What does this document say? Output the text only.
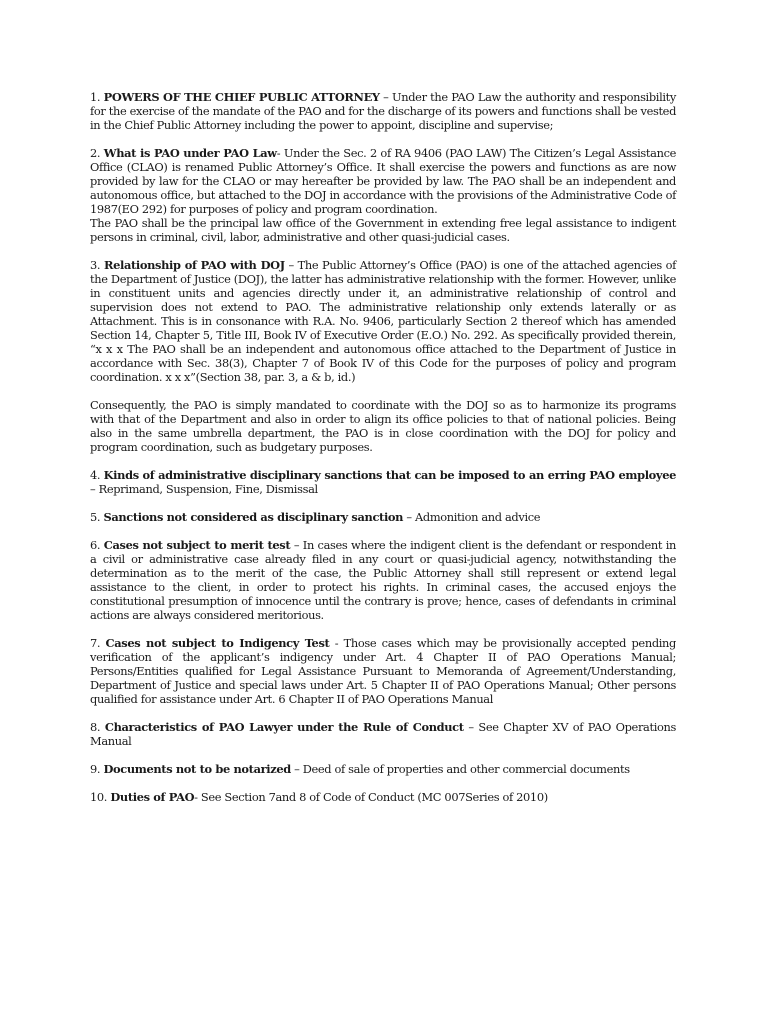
1. POWERS OF THE CHIEF PUBLIC ATTORNEY – Under the PAO Law the authority and responsibility for the exercise of the mandate of the PAO and for the discharge of its powers and functions shall be vested in the Chief Public Attorney including the power to appoint, discipline and supervise;

2. What is PAO under PAO Law- Under the Sec. 2 of RA 9406 (PAO LAW) The Citizen’s Legal Assistance Office (CLAO) is renamed Public Attorney’s Office. It shall exercise the powers and functions as are now provided by law for the CLAO or may hereafter be provided by law. The PAO shall be an independent and autonomous office, but attached to the DOJ in accordance with the provisions of the Administrative Code of 1987(EO 292) for purposes of policy and program coordination.

The PAO shall be the principal law office of the Government in extending free legal assistance to indigent persons in criminal, civil, labor, administrative and other quasi-judicial cases.

3. Relationship of PAO with DOJ – The Public Attorney’s Office (PAO) is one of the attached agencies of the Department of Justice (DOJ), the latter has administrative relationship with the former. However, unlike in constituent units and agencies directly under it, an administrative relationship of control and supervision does not extend to PAO. The administrative relationship only extends laterally or as Attachment. This is in consonance with R.A. No. 9406, particularly Section 2 thereof which has amended Section 14, Chapter 5, Title III, Book IV of Executive Order (E.O.) No. 292. As specifically provided therein, “x x x The PAO shall be an independent and autonomous office attached to the Department of Justice in accordance with Sec. 38(3), Chapter 7 of Book IV of this Code for the purposes of policy and program coordination. x x x”(Section 38, par. 3, a & b, id.)

Consequently, the PAO is simply mandated to coordinate with the DOJ so as to harmonize its programs with that of the Department and also in order to align its office policies to that of national policies. Being also in the same umbrella department, the PAO is in close coordination with the DOJ for policy and program coordination, such as budgetary purposes.

4. Kinds of administrative disciplinary sanctions that can be imposed to an erring PAO employee – Reprimand, Suspension, Fine, Dismissal

5. Sanctions not considered as disciplinary sanction – Admonition and advice

6. Cases not subject to merit test – In cases where the indigent client is the defendant or respondent in a civil or administrative case already filed in any court or quasi-judicial agency, notwithstanding the determination as to the merit of the case, the Public Attorney shall still represent or extend legal assistance to the client, in order to protect his rights. In criminal cases, the accused enjoys the constitutional presumption of innocence until the contrary is prove; hence, cases of defendants in criminal actions are always considered meritorious.

7. Cases not subject to Indigency Test - Those cases which may be provisionally accepted pending verification of the applicant’s indigency under Art. 4 Chapter II of PAO Operations Manual; Persons/Entities qualified for Legal Assistance Pursuant to Memoranda of Agreement/Understanding, Department of Justice and special laws under Art. 5 Chapter II of PAO Operations Manual; Other persons qualified for assistance under Art. 6 Chapter II of PAO Operations Manual

8. Characteristics of PAO Lawyer under the Rule of Conduct – See Chapter XV of PAO Operations Manual

9. Documents not to be notarized – Deed of sale of properties and other commercial documents

10. Duties of PAO- See Section 7and 8 of Code of Conduct (MC 007Series of 2010)
